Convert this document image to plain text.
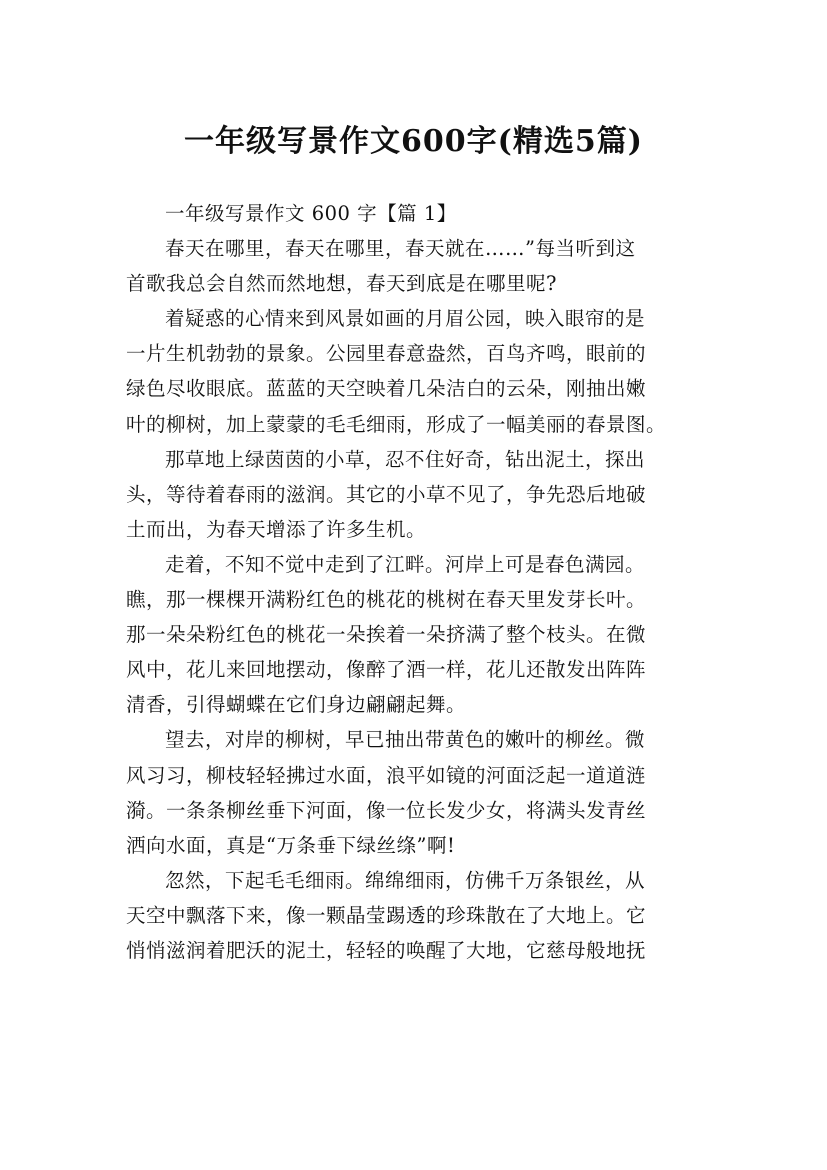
一年级写景作文600字(精选5篇)

一年级写景作文 600 字【篇 1】

春天在哪里，春天在哪里，春天就在……”每当听到这
首歌我总会自然而然地想，春天到底是在哪里呢?

着疑惑的心情来到风景如画的月眉公园，映入眼帘的是
一片生机勃勃的景象。公园里春意盎然，百鸟齐鸣，眼前的
绿色尽收眼底。蓝蓝的天空映着几朵洁白的云朵，刚抽出嫩
叶的柳树，加上蒙蒙的毛毛细雨，形成了一幅美丽的春景图。

那草地上绿茵茵的小草，忍不住好奇，钻出泥土，探出
头，等待着春雨的滋润。其它的小草不见了，争先恐后地破
土而出，为春天增添了许多生机。

走着，不知不觉中走到了江畔。河岸上可是春色满园。
瞧，那一棵棵开满粉红色的桃花的桃树在春天里发芽长叶。
那一朵朵粉红色的桃花一朵挨着一朵挤满了整个枝头。在微
风中，花儿来回地摆动，像醉了酒一样，花儿还散发出阵阵
清香，引得蝴蝶在它们身边翩翩起舞。

望去，对岸的柳树，早已抽出带黄色的嫩叶的柳丝。微
风习习，柳枝轻轻拂过水面，浪平如镜的河面泛起一道道涟
漪。一条条柳丝垂下河面，像一位长发少女，将满头发青丝
洒向水面，真是“万条垂下绿丝绦”啊!

忽然，下起毛毛细雨。绵绵细雨，仿佛千万条银丝，从
天空中飘落下来，像一颗晶莹踢透的珍珠散在了大地上。它
悄悄滋润着肥沃的泥土，轻轻的唤醒了大地，它慈母般地抚
